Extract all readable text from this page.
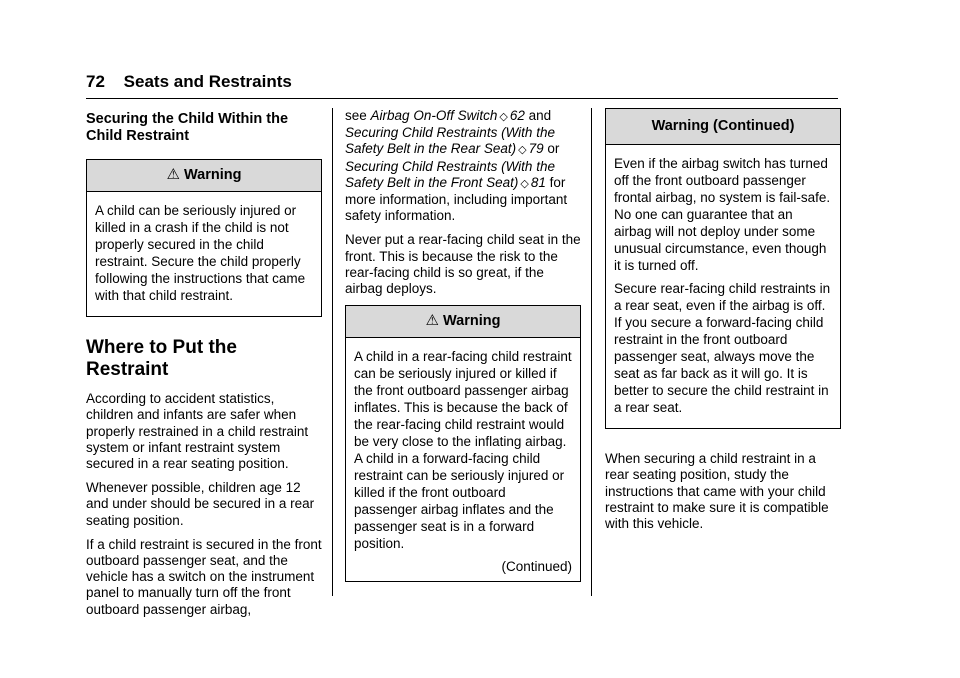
72 Seats and Restraints
Securing the Child Within the Child Restraint
⚠ Warning

A child can be seriously injured or killed in a crash if the child is not properly secured in the child restraint. Secure the child properly following the instructions that came with that child restraint.

Where to Put the Restraint

According to accident statistics, children and infants are safer when properly restrained in a child restraint system or infant restraint system secured in a rear seating position.

Whenever possible, children age 12 and under should be secured in a rear seating position.

If a child restraint is secured in the front outboard passenger seat, and the vehicle has a switch on the instrument panel to manually turn off the front outboard passenger airbag,

see Airbag On-Off Switch ◇ 62 and Securing Child Restraints (With the Safety Belt in the Rear Seat) ◇ 79 or Securing Child Restraints (With the Safety Belt in the Front Seat) ◇ 81 for more information, including important safety information.

Never put a rear-facing child seat in the front. This is because the risk to the rear-facing child is so great, if the airbag deploys.

⚠ Warning

A child in a rear-facing child restraint can be seriously injured or killed if the front outboard passenger airbag inflates. This is because the back of the rear-facing child restraint would be very close to the inflating airbag. A child in a forward-facing child restraint can be seriously injured or killed if the front outboard passenger airbag inflates and the passenger seat is in a forward position.

(Continued)
Warning (Continued)

Even if the airbag switch has turned off the front outboard passenger frontal airbag, no system is fail-safe. No one can guarantee that an airbag will not deploy under some unusual circumstance, even though it is turned off.

Secure rear-facing child restraints in a rear seat, even if the airbag is off. If you secure a forward-facing child restraint in the front outboard passenger seat, always move the seat as far back as it will go. It is better to secure the child restraint in a rear seat.

When securing a child restraint in a rear seating position, study the instructions that came with your child restraint to make sure it is compatible with this vehicle.
